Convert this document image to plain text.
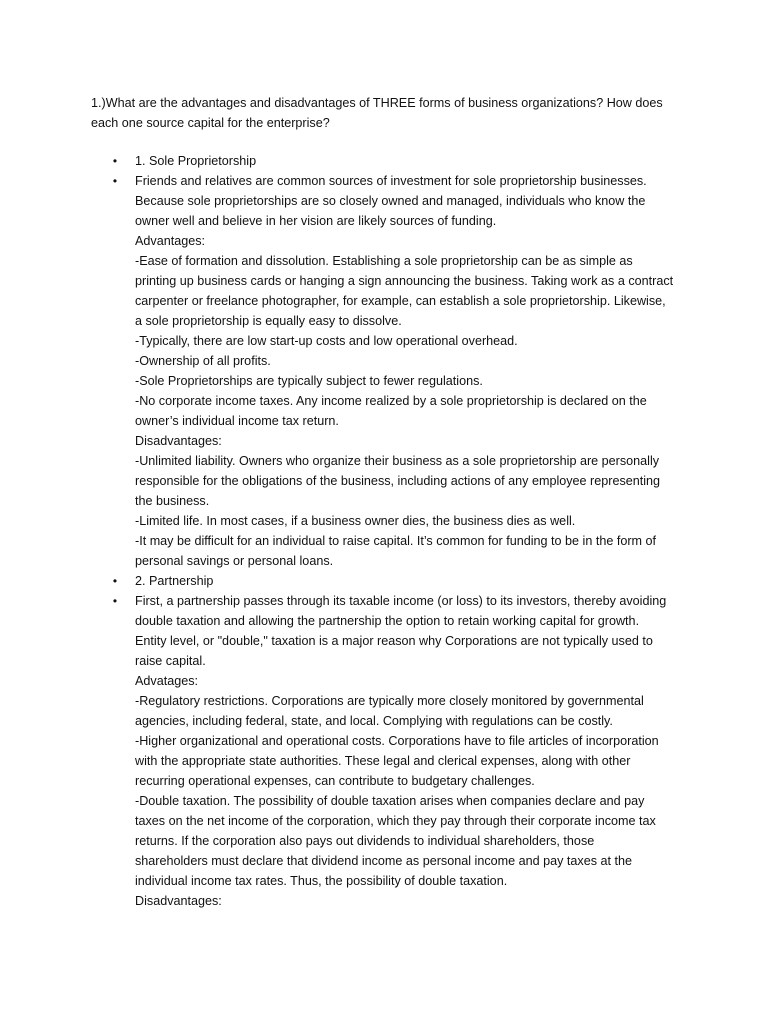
1.)What are the advantages and disadvantages of THREE forms of business organizations? How does
each one source capital for the enterprise?

• 1. Sole Proprietorship
• Friends and relatives are common sources of investment for sole proprietorship businesses.
Because sole proprietorships are so closely owned and managed, individuals who know the
owner well and believe in her vision are likely sources of funding.
Advantages:
-Ease of formation and dissolution. Establishing a sole proprietorship can be as simple as
printing up business cards or hanging a sign announcing the business. Taking work as a contract
carpenter or freelance photographer, for example, can establish a sole proprietorship. Likewise,
a sole proprietorship is equally easy to dissolve.
-Typically, there are low start-up costs and low operational overhead.
-Ownership of all profits.
-Sole Proprietorships are typically subject to fewer regulations.
-No corporate income taxes. Any income realized by a sole proprietorship is declared on the
owner’s individual income tax return.
Disadvantages:
-Unlimited liability. Owners who organize their business as a sole proprietorship are personally
responsible for the obligations of the business, including actions of any employee representing
the business.
-Limited life. In most cases, if a business owner dies, the business dies as well.
-It may be difficult for an individual to raise capital. It’s common for funding to be in the form of
personal savings or personal loans.
• 2. Partnership
• First, a partnership passes through its taxable income (or loss) to its investors, thereby avoiding
double taxation and allowing the partnership the option to retain working capital for growth.
Entity level, or "double," taxation is a major reason why Corporations are not typically used to
raise capital.
Advatages:
-Regulatory restrictions. Corporations are typically more closely monitored by governmental
agencies, including federal, state, and local. Complying with regulations can be costly.
-Higher organizational and operational costs. Corporations have to file articles of incorporation
with the appropriate state authorities. These legal and clerical expenses, along with other
recurring operational expenses, can contribute to budgetary challenges.
-Double taxation. The possibility of double taxation arises when companies declare and pay
taxes on the net income of the corporation, which they pay through their corporate income tax
returns. If the corporation also pays out dividends to individual shareholders, those
shareholders must declare that dividend income as personal income and pay taxes at the
individual income tax rates. Thus, the possibility of double taxation.
Disadvantages:
